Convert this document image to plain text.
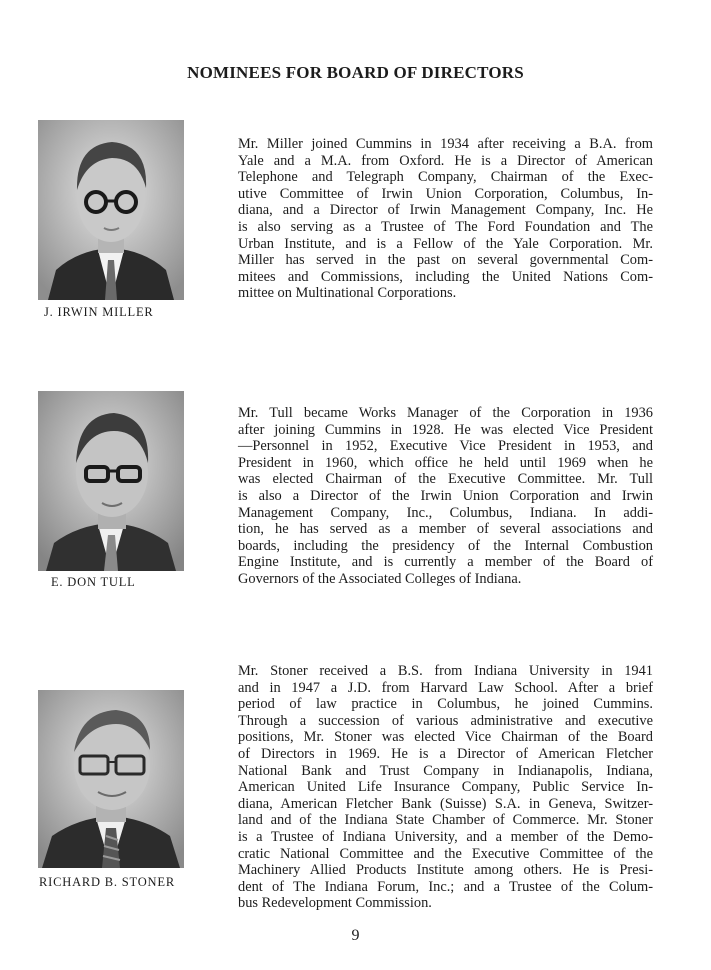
NOMINEES FOR BOARD OF DIRECTORS
J. IRWIN MILLER
Mr. Miller joined Cummins in 1934 after receiving a B.A. from
Yale and a M.A. from Oxford. He is a Director of American
Telephone and Telegraph Company, Chairman of the Exec-
utive Committee of Irwin Union Corporation, Columbus, In-
diana, and a Director of Irwin Management Company, Inc. He
is also serving as a Trustee of The Ford Foundation and The
Urban Institute, and is a Fellow of the Yale Corporation. Mr.
Miller has served in the past on several governmental Com-
mitees and Commissions, including the United Nations Com-
mittee on Multinational Corporations.
E. DON TULL
Mr. Tull became Works Manager of the Corporation in 1936
after joining Cummins in 1928. He was elected Vice President
—Personnel in 1952, Executive Vice President in 1953, and
President in 1960, which office he held until 1969 when he
was elected Chairman of the Executive Committee. Mr. Tull
is also a Director of the Irwin Union Corporation and Irwin
Management Company, Inc., Columbus, Indiana. In addi-
tion, he has served as a member of several associations and
boards, including the presidency of the Internal Combustion
Engine Institute, and is currently a member of the Board of
Governors of the Associated Colleges of Indiana.
RICHARD B. STONER
Mr. Stoner received a B.S. from Indiana University in 1941
and in 1947 a J.D. from Harvard Law School. After a brief
period of law practice in Columbus, he joined Cummins.
Through a succession of various administrative and executive
positions, Mr. Stoner was elected Vice Chairman of the Board
of Directors in 1969. He is a Director of American Fletcher
National Bank and Trust Company in Indianapolis, Indiana,
American United Life Insurance Company, Public Service In-
diana, American Fletcher Bank (Suisse) S.A. in Geneva, Switzer-
land and of the Indiana State Chamber of Commerce. Mr. Stoner
is a Trustee of Indiana University, and a member of the Demo-
cratic National Committee and the Executive Committee of the
Machinery Allied Products Institute among others. He is Presi-
dent of The Indiana Forum, Inc.; and a Trustee of the Colum-
bus Redevelopment Commission.
9
